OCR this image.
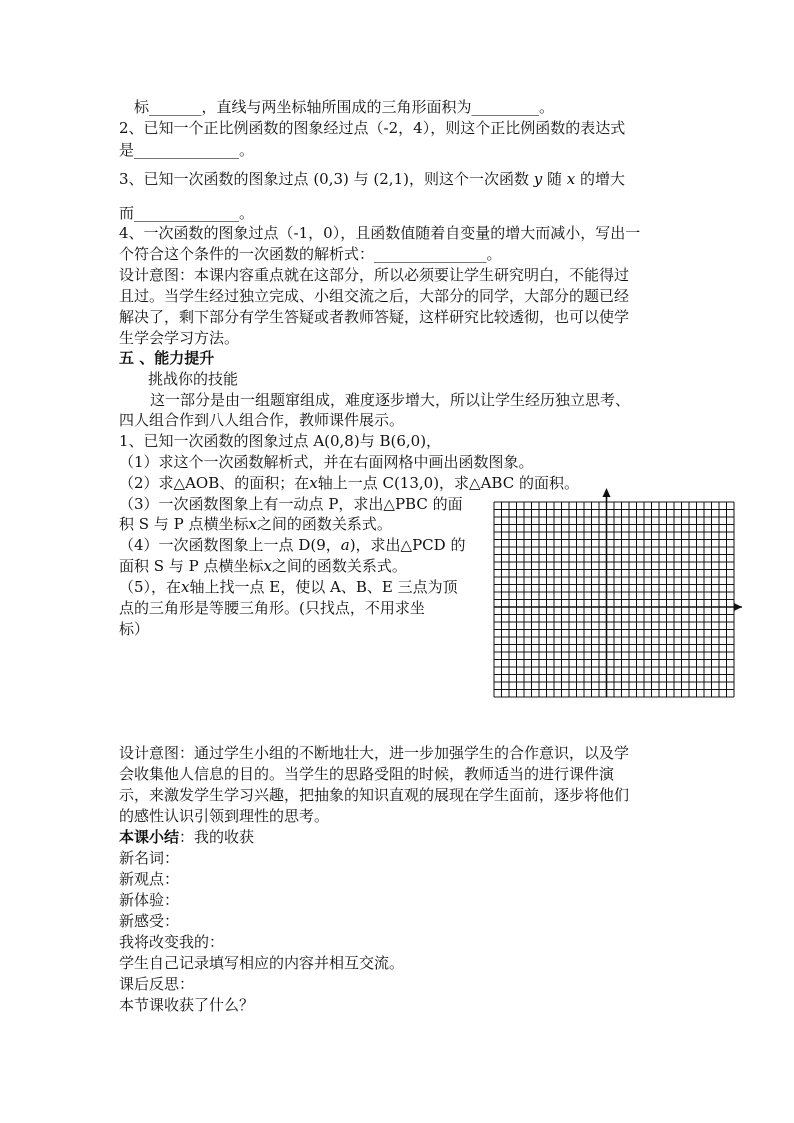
　标_______，直线与两坐标轴所围成的三角形面积为_________。
2、已知一个正比例函数的图象经过点（-2，4），则这个正比例函数的表达式
是______________。
3、已知一次函数的图象过点 (0,3) 与 (2,1)，则这个一次函数 y 随 x 的增大
而______________。
4、一次函数的图象过点（-1，0），且函数值随着自变量的增大而减小，写出一
个符合这个条件的一次函数的解析式：_______________。
设计意图：本课内容重点就在这部分，所以必须要让学生研究明白，不能得过
且过。当学生经过独立完成、小组交流之后，大部分的同学，大部分的题已经
解决了，剩下部分有学生答疑或者教师答疑，这样研究比较透彻，也可以使学
生学会学习方法。
五 、能力提升
挑战你的技能
这一部分是由一组题窜组成，难度逐步增大，所以让学生经历独立思考、
四人组合作到八人组合作，教师课件展示。
1、已知一次函数的图象过点 A(0,8)与 B(6,0)，
（1）求这个一次函数解析式，并在右面网格中画出函数图象。
（2）求△AOB、的面积；在x轴上一点 C(13,0)，求△ABC 的面积。
（3）一次函数图象上有一动点 P，求出△PBC 的面
积 S 与 P 点横坐标x之间的函数关系式。
（4）一次函数图象上一点 D(9，a)，求出△PCD 的
面积 S 与 P 点横坐标x之间的函数关系式。
（5），在x轴上找一点 E，使以 A、B、E 三点为顶
点的三角形是等腰三角形。(只找点，不用求坐
标）
设计意图：通过学生小组的不断地壮大，进一步加强学生的合作意识，以及学
会收集他人信息的目的。当学生的思路受阻的时候，教师适当的进行课件演
示，来激发学生学习兴趣，把抽象的知识直观的展现在学生面前，逐步将他们
的感性认识引领到理性的思考。
本课小结：我的收获
新名词：
新观点：
新体验：
新感受：
我将改变我的：
学生自己记录填写相应的内容并相互交流。
课后反思：
本节课收获了什么？
